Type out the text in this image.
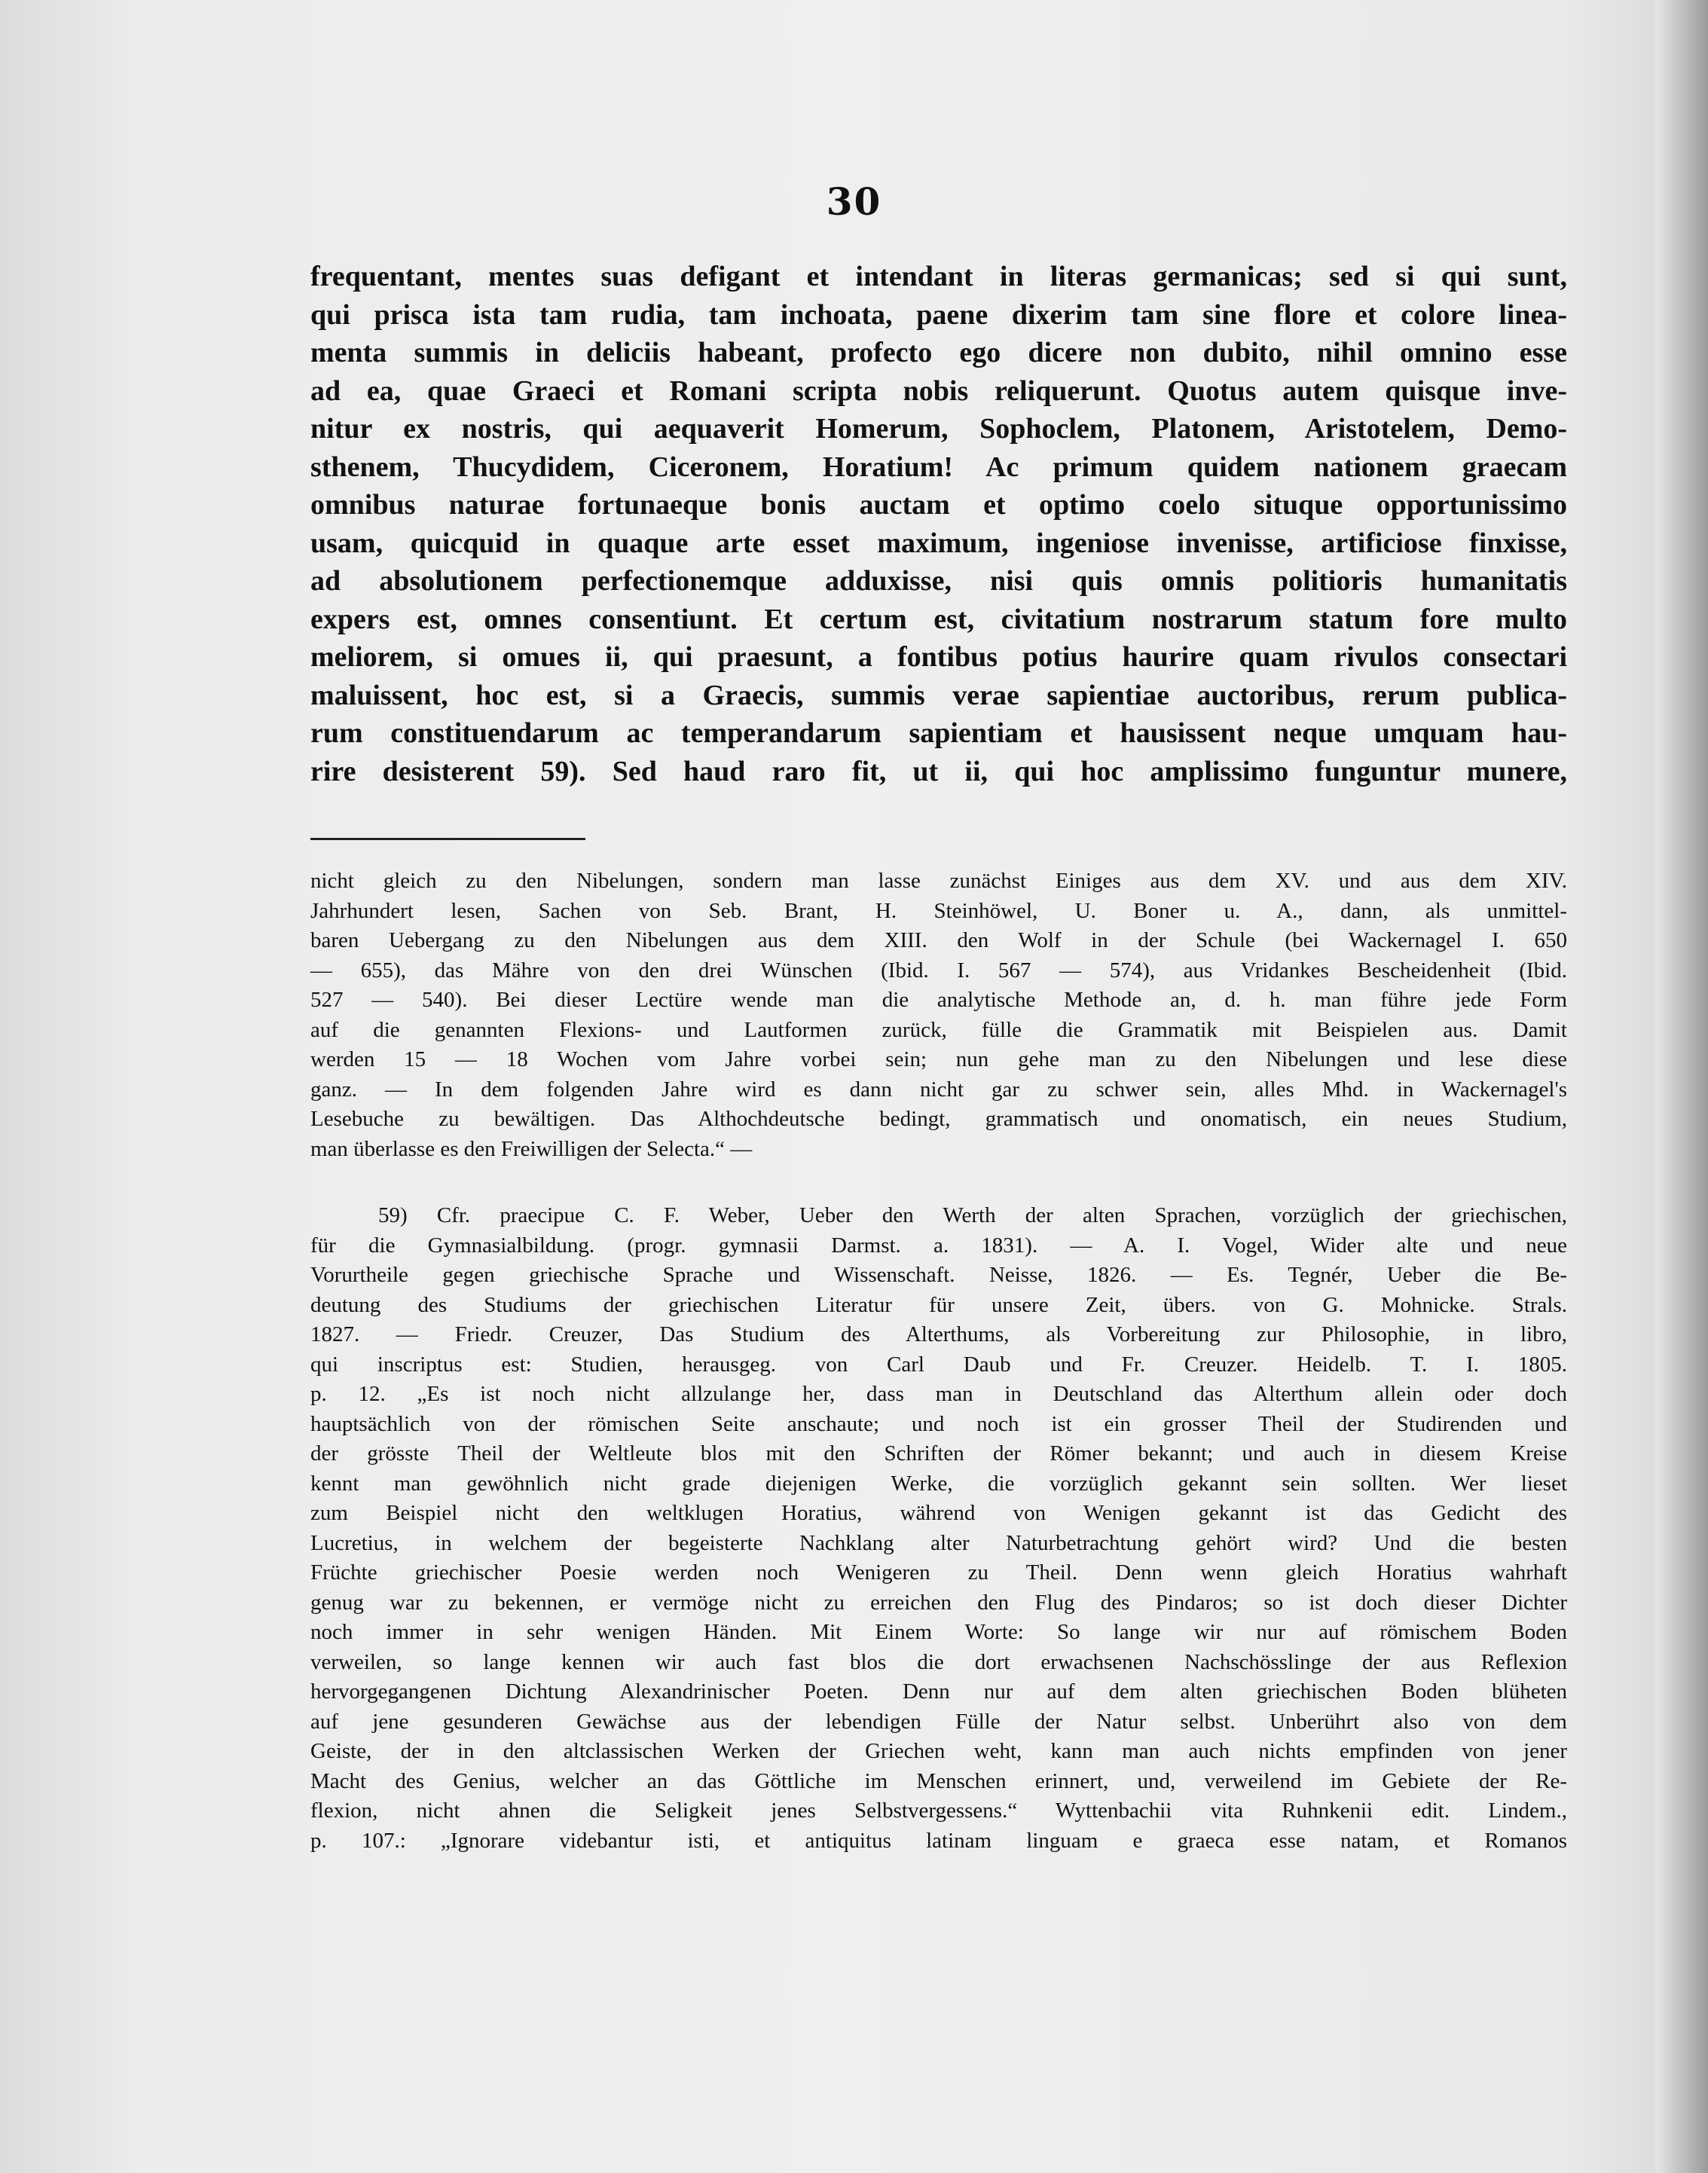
30
frequentant, mentes suas defigant et intendant in literas germanicas; sed si qui sunt,
qui prisca ista tam rudia, tam inchoata, paene dixerim tam sine flore et colore linea-
menta summis in deliciis habeant, profecto ego dicere non dubito, nihil omnino esse
ad ea, quae Graeci et Romani scripta nobis reliquerunt. Quotus autem quisque inve-
nitur ex nostris, qui aequaverit Homerum, Sophoclem, Platonem, Aristotelem, Demo-
sthenem, Thucydidem, Ciceronem, Horatium! Ac primum quidem nationem graecam
omnibus naturae fortunaeque bonis auctam et optimo coelo situque opportunissimo
usam, quicquid in quaque arte esset maximum, ingeniose invenisse, artificiose finxisse,
ad absolutionem perfectionemque adduxisse, nisi quis omnis politioris humanitatis
expers est, omnes consentiunt. Et certum est, civitatium nostrarum statum fore multo
meliorem, si omues ii, qui praesunt, a fontibus potius haurire quam rivulos consectari
maluissent, hoc est, si a Graecis, summis verae sapientiae auctoribus, rerum publica-
rum constituendarum ac temperandarum sapientiam et hausissent neque umquam hau-
rire desisterent 59). Sed haud raro fit, ut ii, qui hoc amplissimo funguntur munere,
nicht gleich zu den Nibelungen, sondern man lasse zunächst Einiges aus dem XV. und aus dem XIV.
Jahrhundert lesen, Sachen von Seb. Brant, H. Steinhöwel, U. Boner u. A., dann, als unmittel-
baren Uebergang zu den Nibelungen aus dem XIII. den Wolf in der Schule (bei Wackernagel I. 650
— 655), das Mähre von den drei Wünschen (Ibid. I. 567 — 574), aus Vridankes Bescheidenheit (Ibid.
527 — 540). Bei dieser Lectüre wende man die analytische Methode an, d. h. man führe jede Form
auf die genannten Flexions- und Lautformen zurück, fülle die Grammatik mit Beispielen aus. Damit
werden 15 — 18 Wochen vom Jahre vorbei sein; nun gehe man zu den Nibelungen und lese diese
ganz. — In dem folgenden Jahre wird es dann nicht gar zu schwer sein, alles Mhd. in Wackernagel's
Lesebuche zu bewältigen. Das Althochdeutsche bedingt, grammatisch und onomatisch, ein neues Studium,
man überlasse es den Freiwilligen der Selecta.“ —
59) Cfr. praecipue C. F. Weber, Ueber den Werth der alten Sprachen, vorzüglich der griechischen,
für die Gymnasialbildung. (progr. gymnasii Darmst. a. 1831). — A. I. Vogel, Wider alte und neue
Vorurtheile gegen griechische Sprache und Wissenschaft. Neisse, 1826. — Es. Tegnér, Ueber die Be-
deutung des Studiums der griechischen Literatur für unsere Zeit, übers. von G. Mohnicke. Strals.
1827. — Friedr. Creuzer, Das Studium des Alterthums, als Vorbereitung zur Philosophie, in libro,
qui inscriptus est: Studien, herausgeg. von Carl Daub und Fr. Creuzer. Heidelb. T. I. 1805.
p. 12. „Es ist noch nicht allzulange her, dass man in Deutschland das Alterthum allein oder doch
hauptsächlich von der römischen Seite anschaute; und noch ist ein grosser Theil der Studirenden und
der grösste Theil der Weltleute blos mit den Schriften der Römer bekannt; und auch in diesem Kreise
kennt man gewöhnlich nicht grade diejenigen Werke, die vorzüglich gekannt sein sollten. Wer lieset
zum Beispiel nicht den weltklugen Horatius, während von Wenigen gekannt ist das Gedicht des
Lucretius, in welchem der begeisterte Nachklang alter Naturbetrachtung gehört wird? Und die besten
Früchte griechischer Poesie werden noch Wenigeren zu Theil. Denn wenn gleich Horatius wahrhaft
genug war zu bekennen, er vermöge nicht zu erreichen den Flug des Pindaros; so ist doch dieser Dichter
noch immer in sehr wenigen Händen. Mit Einem Worte: So lange wir nur auf römischem Boden
verweilen, so lange kennen wir auch fast blos die dort erwachsenen Nachschösslinge der aus Reflexion
hervorgegangenen Dichtung Alexandrinischer Poeten. Denn nur auf dem alten griechischen Boden blüheten
auf jene gesunderen Gewächse aus der lebendigen Fülle der Natur selbst. Unberührt also von dem
Geiste, der in den altclassischen Werken der Griechen weht, kann man auch nichts empfinden von jener
Macht des Genius, welcher an das Göttliche im Menschen erinnert, und, verweilend im Gebiete der Re-
flexion, nicht ahnen die Seligkeit jenes Selbstvergessens.“ Wyttenbachii vita Ruhnkenii edit. Lindem.,
p. 107.: „Ignorare videbantur isti, et antiquitus latinam linguam e graeca esse natam, et Romanos
